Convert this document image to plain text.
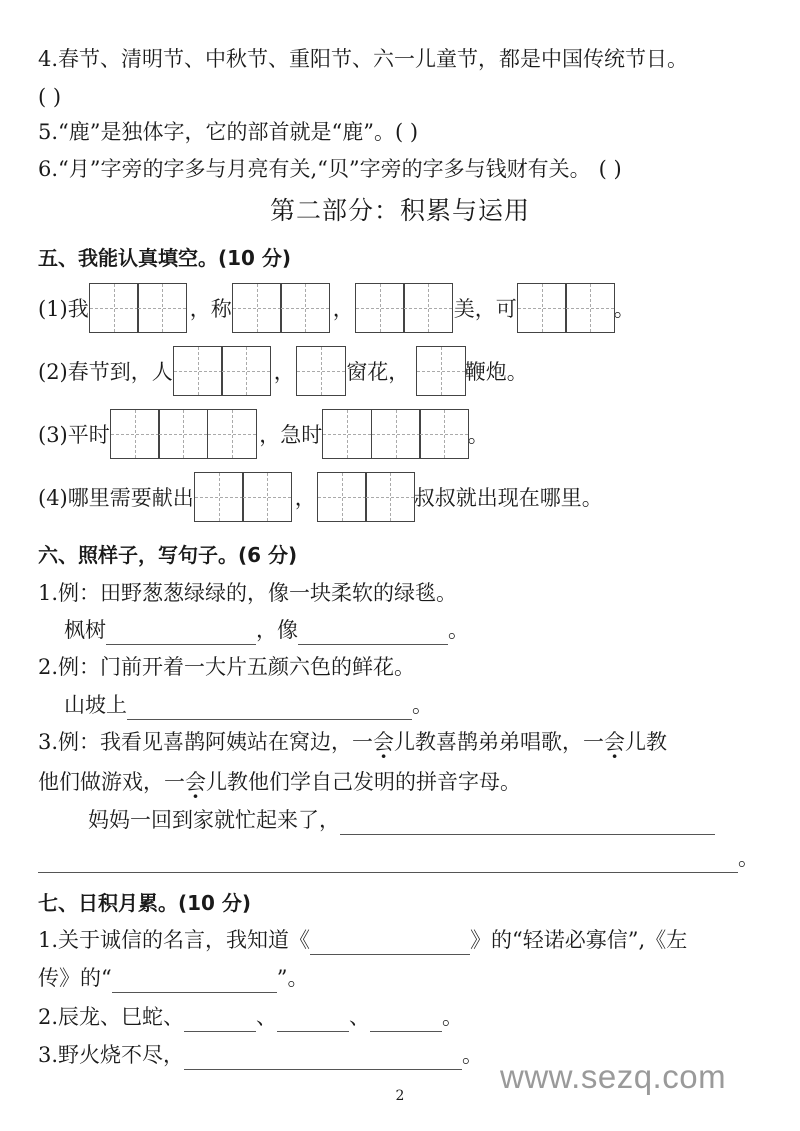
4.春节、清明节、中秋节、重阳节、六一儿童节，都是中国传统节日。
( )
5.“鹿”是独体字，它的部首就是“鹿”。( )
6.“月”字旁的字多与月亮有关,“贝”字旁的字多与钱财有关。 ( )
第二部分：积累与运用
五、我能认真填空。(10 分)
(1)我	，称	，	美，可	。
(2)春节到，人	， 窗花，	鞭炮。
(3)平时	，急时	。
(4)哪里需要献出	，	叔叔就出现在哪里。
六、照样子，写句子。(6 分)
1.例：田野葱葱绿绿的，像一块柔软的绿毯。
枫树	，像	。
2.例：门前开着一大片五颜六色的鲜花。
山坡上	。
3.例：我看见喜鹊阿姨站在窝边，一会儿教喜鹊弟弟唱歌，一会儿教
他们做游戏，一会儿教他们学自己发明的拼音字母。
妈妈一回到家就忙起来了，
。
七、日积月累。(10 分)
1.关于诚信的名言，我知道《	》的“轻诺必寡信”,《左
传》的“	”。
2.辰龙、巳蛇、	、	、	。
3.野火烧不尽，	。
www.sezq.com
2
